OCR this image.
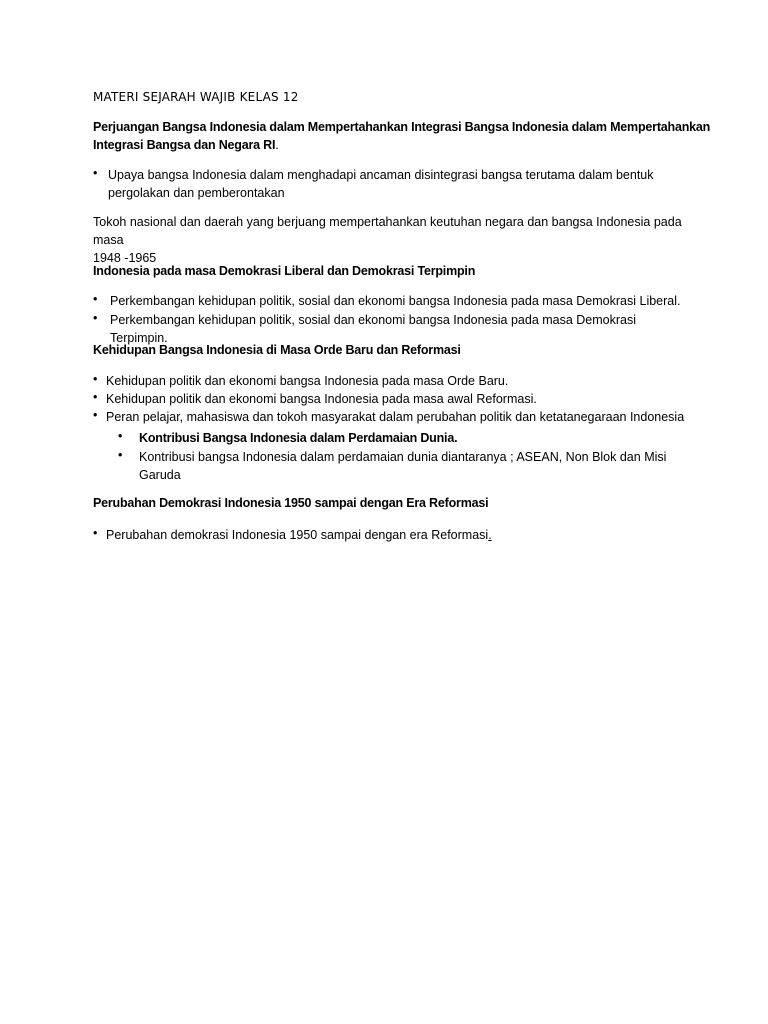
MATERI SEJARAH WAJIB KELAS 12
Perjuangan Bangsa Indonesia dalam Mempertahankan Integrasi Bangsa Indonesia dalam Mempertahankan
Integrasi Bangsa dan Negara RI.
• Upaya bangsa Indonesia dalam menghadapi ancaman disintegrasi bangsa terutama dalam bentuk
pergolakan dan pemberontakan
Tokoh nasional dan daerah yang berjuang mempertahankan keutuhan negara dan bangsa Indonesia pada masa
1948 -1965
Indonesia pada masa Demokrasi Liberal dan Demokrasi Terpimpin
• Perkembangan kehidupan politik, sosial dan ekonomi bangsa Indonesia pada masa Demokrasi Liberal.
• Perkembangan kehidupan politik, sosial dan ekonomi bangsa Indonesia pada masa Demokrasi Terpimpin.
Kehidupan Bangsa Indonesia di Masa Orde Baru dan Reformasi
• Kehidupan politik dan ekonomi bangsa Indonesia pada masa Orde Baru.
• Kehidupan politik dan ekonomi bangsa Indonesia pada masa awal Reformasi.
• Peran pelajar, mahasiswa dan tokoh masyarakat dalam perubahan politik dan ketatanegaraan Indonesia
• Kontribusi Bangsa Indonesia dalam Perdamaian Dunia.
• Kontribusi bangsa Indonesia dalam perdamaian dunia diantaranya ; ASEAN, Non Blok dan Misi
Garuda
Perubahan Demokrasi Indonesia 1950 sampai dengan Era Reformasi
• Perubahan demokrasi Indonesia 1950 sampai dengan era Reformasi.
